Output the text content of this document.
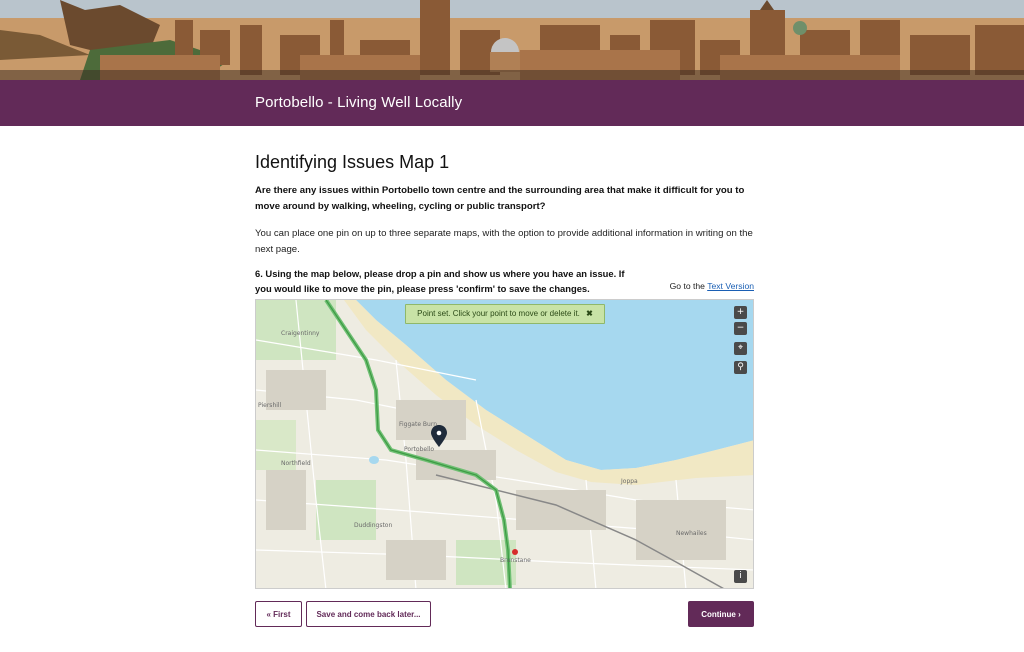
Portobello - Living Well Locally
Identifying Issues Map 1

Are there any issues within Portobello town centre and the surrounding area that make it difficult for you to move around by walking, wheeling, cycling or public transport?

You can place one pin on up to three separate maps, with the option to provide additional information in writing on the next page.

6. Using the map below, please drop a pin and show us where you have an issue. If you would like to move the pin, please press 'confirm' to save the changes.	Go to the Text Version
Craigentinny
Piershill
Northfield
Figgate Burn
Portobello
Joppa
Duddingston
Newhailes
Brunstane
+
−
⌖
⚲
i
Point set. Click your point to move or delete it. ✖
« First	Save and come back later...	Continue ›
